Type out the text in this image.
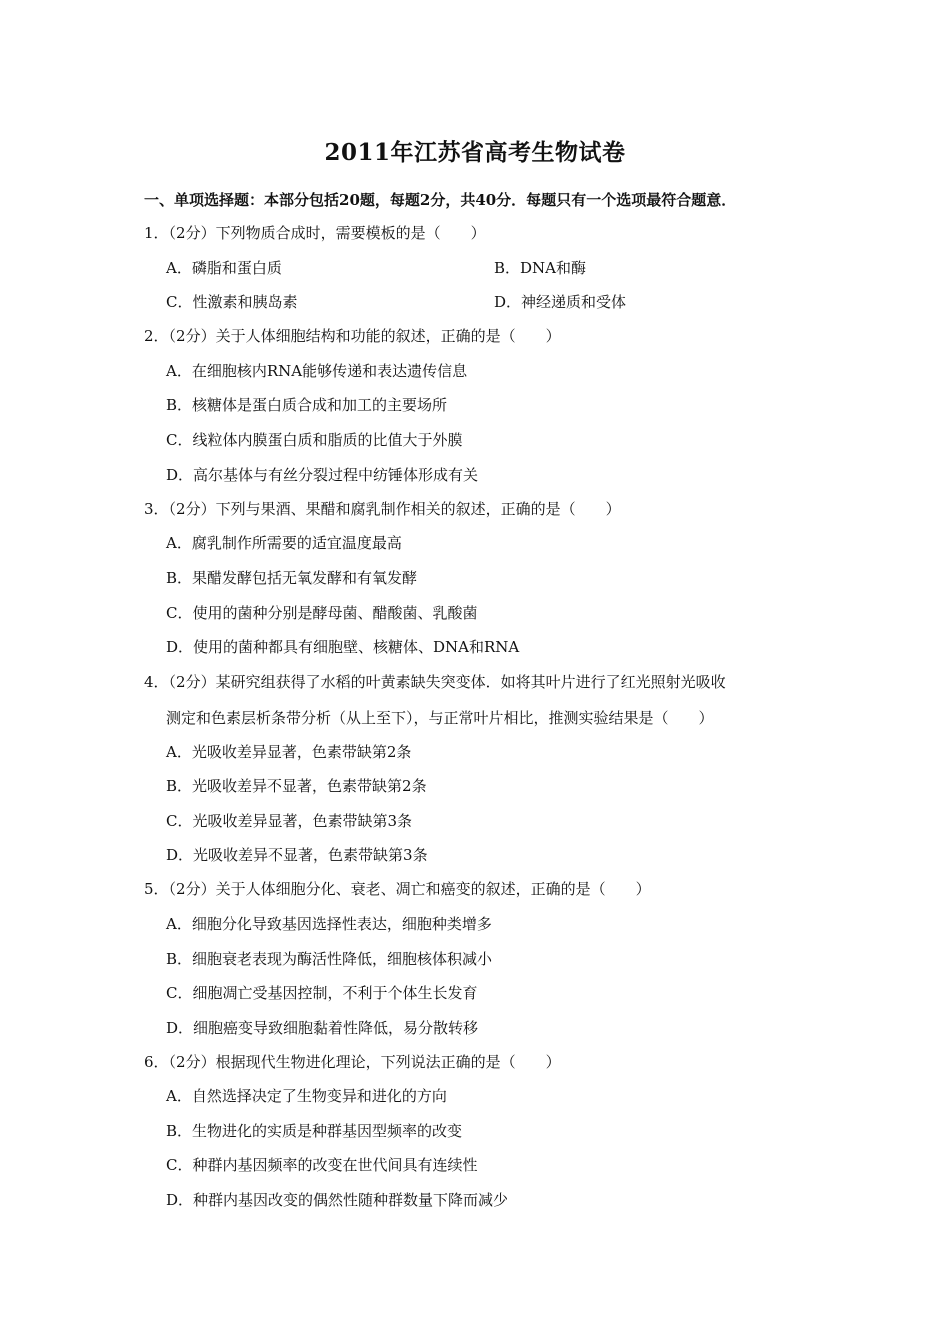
2011年江苏省高考生物试卷
一、单项选择题：本部分包括20题，每题2分，共40分．每题只有一个选项最符合题意．
1．（2分）下列物质合成时，需要模板的是（　　）
A．磷脂和蛋白质	B．DNA和酶
C．性激素和胰岛素	D．神经递质和受体
2．（2分）关于人体细胞结构和功能的叙述，正确的是（　　）
A．在细胞核内RNA能够传递和表达遗传信息
B．核糖体是蛋白质合成和加工的主要场所
C．线粒体内膜蛋白质和脂质的比值大于外膜
D．高尔基体与有丝分裂过程中纺锤体形成有关
3．（2分）下列与果酒、果醋和腐乳制作相关的叙述，正确的是（　　）
A．腐乳制作所需要的适宜温度最高
B．果醋发酵包括无氧发酵和有氧发酵
C．使用的菌种分别是酵母菌、醋酸菌、乳酸菌
D．使用的菌种都具有细胞壁、核糖体、DNA和RNA
4．（2分）某研究组获得了水稻的叶黄素缺失突变体．如将其叶片进行了红光照射光吸收
测定和色素层析条带分析（从上至下），与正常叶片相比，推测实验结果是（　　）
A．光吸收差异显著，色素带缺第2条
B．光吸收差异不显著，色素带缺第2条
C．光吸收差异显著，色素带缺第3条
D．光吸收差异不显著，色素带缺第3条
5．（2分）关于人体细胞分化、衰老、凋亡和癌变的叙述，正确的是（　　）
A．细胞分化导致基因选择性表达，细胞种类增多
B．细胞衰老表现为酶活性降低，细胞核体积减小
C．细胞凋亡受基因控制，不利于个体生长发育
D．细胞癌变导致细胞黏着性降低，易分散转移
6．（2分）根据现代生物进化理论，下列说法正确的是（　　）
A．自然选择决定了生物变异和进化的方向
B．生物进化的实质是种群基因型频率的改变
C．种群内基因频率的改变在世代间具有连续性
D．种群内基因改变的偶然性随种群数量下降而减少
